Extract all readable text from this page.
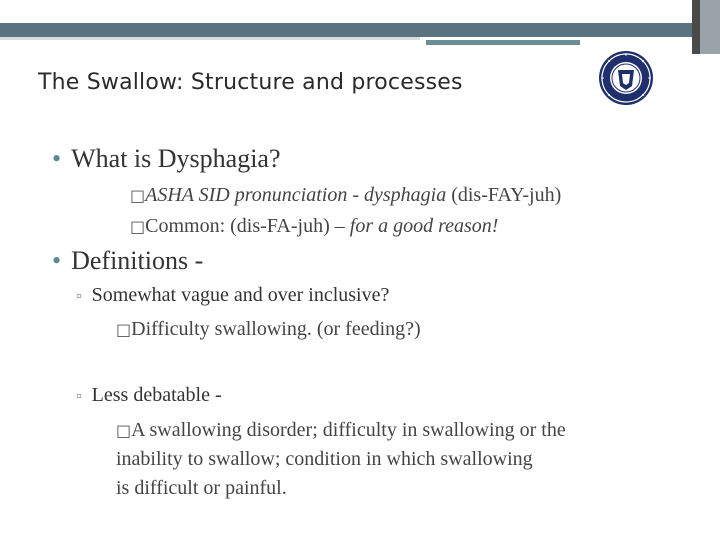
The Swallow: Structure and processes
• What is Dysphagia?
□ASHA SID pronunciation - dysphagia (dis-FAY-juh)
□Common: (dis-FA-juh) – for a good reason!
• Definitions -
▫ Somewhat vague and over inclusive?
□Difficulty swallowing. (or feeding?)
▫ Less debatable -
□A swallowing disorder; difficulty in swallowing or the
inability to swallow; condition in which swallowing
is difficult or painful.
